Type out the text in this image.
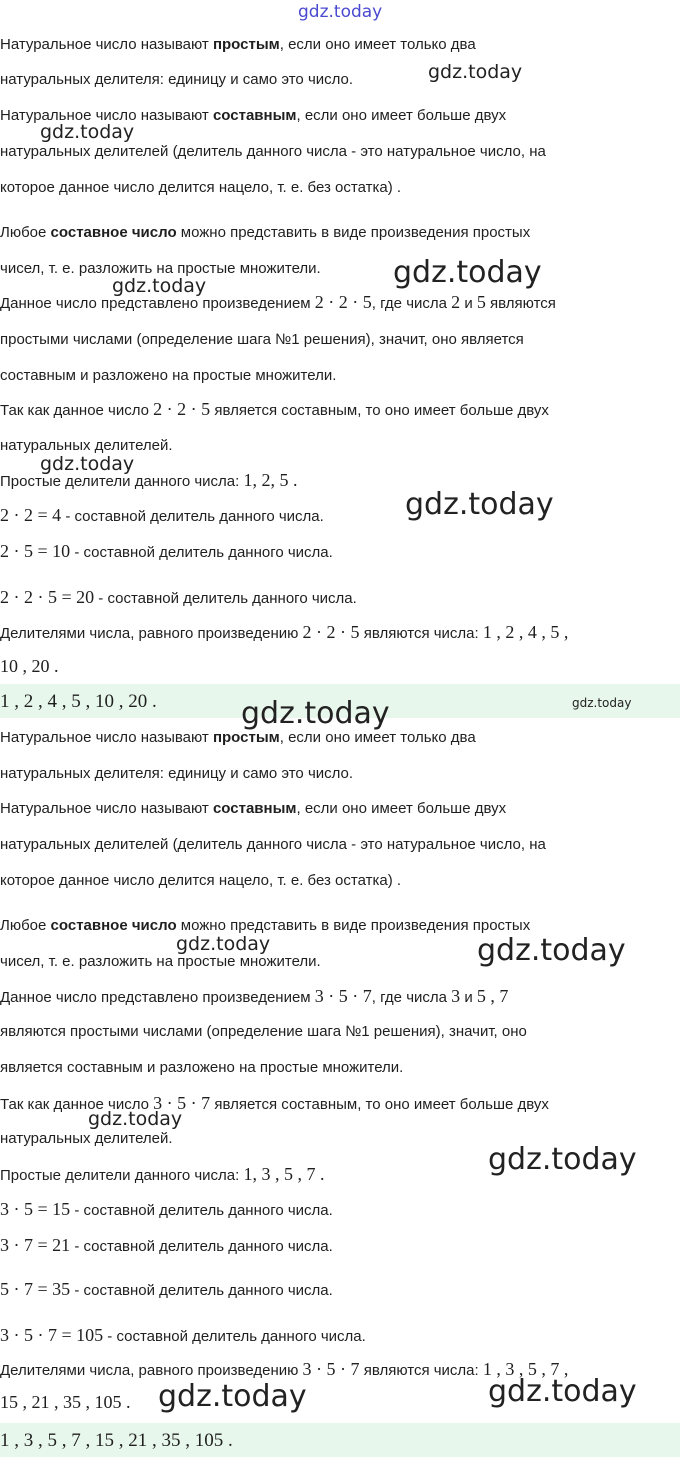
Натуральное число называют простым, если оно имеет только два

натуральных делителя: единицу и само это число.

Натуральное число называют составным, если оно имеет больше двух

натуральных делителей (делитель данного числа - это натуральное число, на

которое данное число делится нацело, т. е. без остатка) .

Любое составное число можно представить в виде произведения простых

чисел, т. е. разложить на простые множители.

Данное число представлено произведением 2 · 2 · 5, где числа 2 и 5 являются

простыми числами (определение шага №1 решения), значит, оно является

составным и разложено на простые множители.

Так как данное число 2 · 2 · 5 является составным, то оно имеет больше двух

натуральных делителей.

Простые делители данного числа: 1, 2, 5 .

2 · 2 = 4 - составной делитель данного числа.

2 · 5 = 10 - составной делитель данного числа.

2 · 2 · 5 = 20 - составной делитель данного числа.

Делителями числа, равного произведению 2 · 2 · 5 являются числа: 1 , 2 , 4 , 5 ,

10 , 20 .

1 , 2 , 4 , 5 , 10 , 20 .

Натуральное число называют простым, если оно имеет только два

натуральных делителя: единицу и само это число.

Натуральное число называют составным, если оно имеет больше двух

натуральных делителей (делитель данного числа - это натуральное число, на

которое данное число делится нацело, т. е. без остатка) .

Любое составное число можно представить в виде произведения простых

чисел, т. е. разложить на простые множители.

Данное число представлено произведением 3 · 5 · 7, где числа 3 и 5 , 7

являются простыми числами (определение шага №1 решения), значит, оно

является составным и разложено на простые множители.

Так как данное число 3 · 5 · 7 является составным, то оно имеет больше двух

натуральных делителей.

Простые делители данного числа: 1, 3 , 5 , 7 .

3 · 5 = 15 - составной делитель данного числа.

3 · 7 = 21 - составной делитель данного числа.

5 · 7 = 35 - составной делитель данного числа.

3 · 5 · 7 = 105 - составной делитель данного числа.

Делителями числа, равного произведению 3 · 5 · 7 являются числа: 1 , 3 , 5 , 7 ,

15 , 21 , 35 , 105 .

1 , 3 , 5 , 7 , 15 , 21 , 35 , 105 .
gdz.today
gdz.today
gdz.today
gdz.today
gdz.today
gdz.today
gdz.today
gdz.today
gdz.today
gdz.today	gdz.today
gdz.today
gdz.today
gdz.today	gdz.today
